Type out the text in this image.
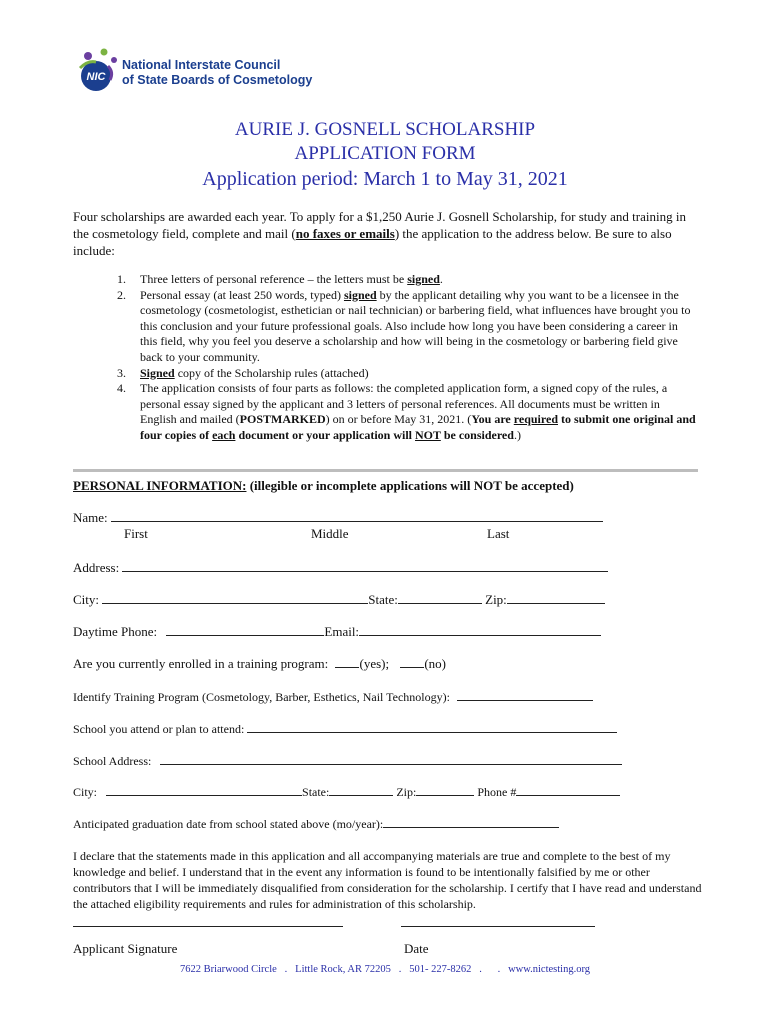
NIC
National Interstate Council
of State Boards of Cosmetology
AURIE J. GOSNELL SCHOLARSHIP
APPLICATION FORM
Application period: March 1 to May 31, 2021
Four scholarships are awarded each year. To apply for a $1,250 Aurie J. Gosnell Scholarship, for study and training in the cosmetology field, complete and mail (no faxes or emails) the application to the address below. Be sure to also include:
1. Three letters of personal reference – the letters must be signed.
2. Personal essay (at least 250 words, typed) signed by the applicant detailing why you want to be a licensee in the cosmetology (cosmetologist, esthetician or nail technician) or barbering field, what influences have brought you to this conclusion and your future professional goals. Also include how long you have been considering a career in this field, why you feel you deserve a scholarship and how will being in the cosmetology or barbering field give back to your community.
3. Signed copy of the Scholarship rules (attached)
4. The application consists of four parts as follows: the completed application form, a signed copy of the rules, a personal essay signed by the applicant and 3 letters of personal references. All documents must be written in English and mailed (POSTMARKED) on or before May 31, 2021. (You are required to submit one original and four copies of each document or your application will NOT be considered.)
PERSONAL INFORMATION: (illegible or incomplete applications will NOT be accepted)
Name:
First	Middle	Last
Address:
City:	State:	Zip:
Daytime Phone:	Email:
Are you currently enrolled in a training program: (yes);	(no)
Identify Training Program (Cosmetology, Barber, Esthetics, Nail Technology):
School you attend or plan to attend:
School Address:
City:	State:	Zip:	Phone #
Anticipated graduation date from school stated above (mo/year):
I declare that the statements made in this application and all accompanying materials are true and complete to the best of my knowledge and belief. I understand that in the event any information is found to be intentionally falsified by me or other contributors that I will be immediately disqualified from consideration for the scholarship. I certify that I have read and understand the attached eligibility requirements and rules for administration of this scholarship.
Applicant Signature	Date
7622 Briarwood Circle . Little Rock, AR 72205 . 501- 227-8262 . . www.nictesting.org
